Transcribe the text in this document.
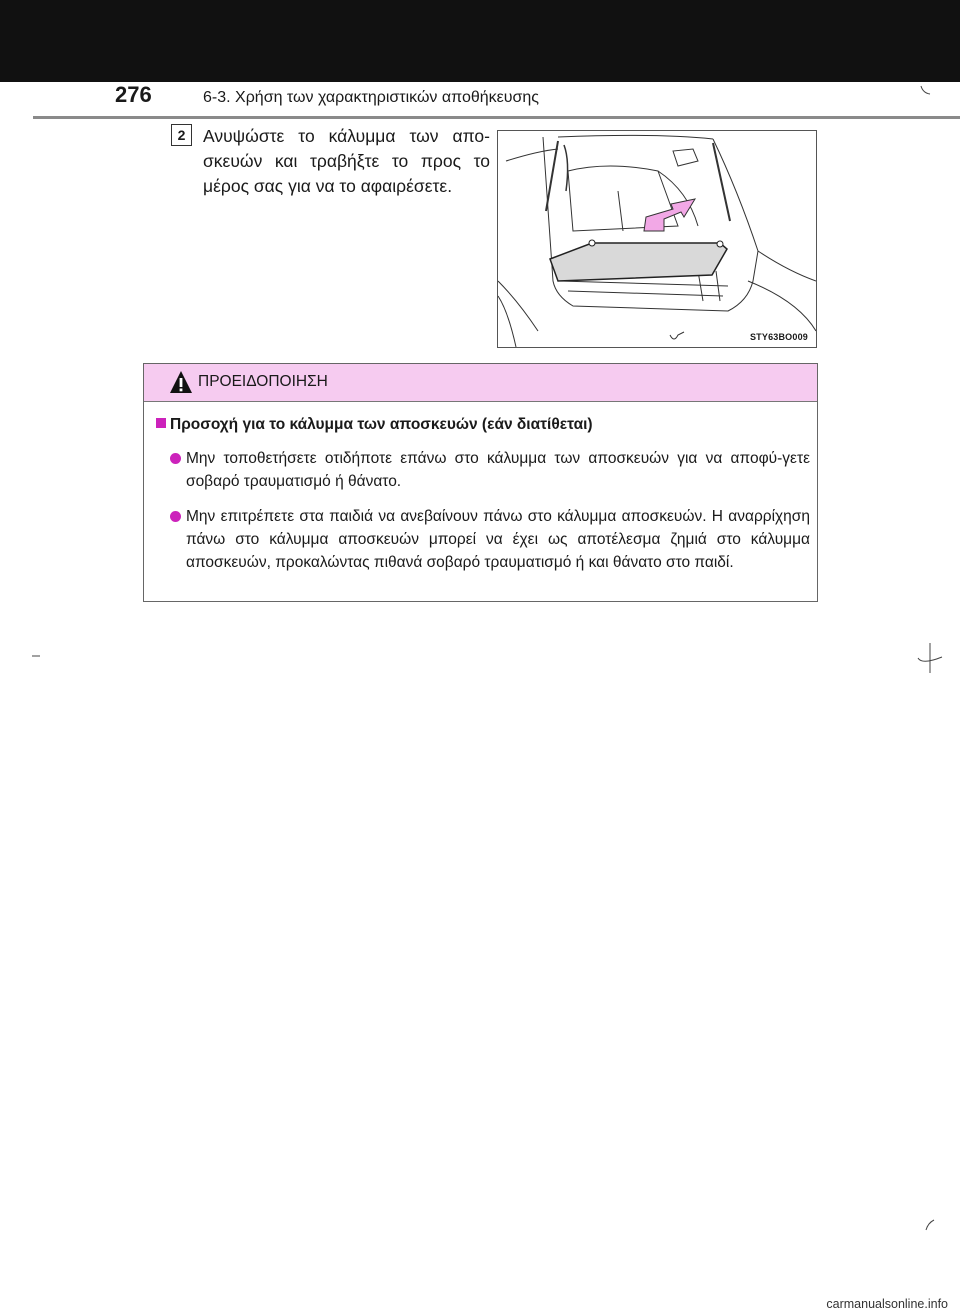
276	6-3. Χρήση των χαρακτηριστικών αποθήκευσης
2	Ανυψώστε το κάλυμμα των απο-σκευών και τραβήξτε το προς το μέρος σας για να το αφαιρέσετε.
STY63BO009
ΠΡΟΕΙΔΟΠΟΙΗΣΗ
Προσοχή για το κάλυμμα των αποσκευών (εάν διατίθεται)
Μην τοποθετήσετε οτιδήποτε επάνω στο κάλυμμα των αποσκευών για να αποφύ-γετε σοβαρό τραυματισμό ή θάνατο.
Μην επιτρέπετε στα παιδιά να ανεβαίνουν πάνω στο κάλυμμα αποσκευών. Η αναρρίχηση πάνω στο κάλυμμα αποσκευών μπορεί να έχει ως αποτέλεσμα ζημιά στο κάλυμμα αποσκευών, προκαλώντας πιθανά σοβαρό τραυματισμό ή και θάνατο στο παιδί.
carmanualsonline.info
